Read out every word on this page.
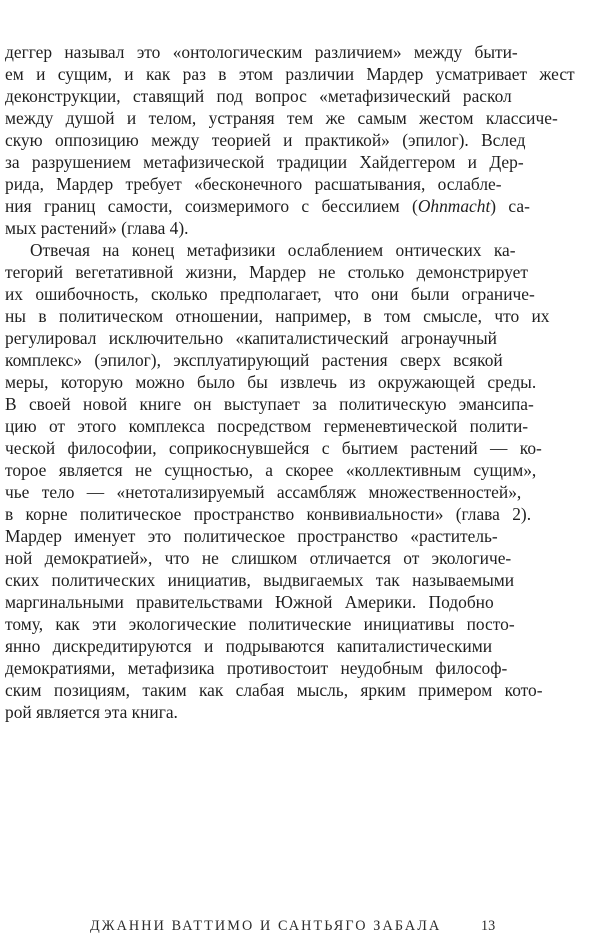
деггер называл это «онтологическим различием» между быти-
ем и сущим, и как раз в этом различии Мардер усматривает жест
деконструкции, ставящий под вопрос «метафизический раскол
между душой и телом, устраняя тем же самым жестом классиче-
скую оппозицию между теорией и практикой» (эпилог). Вслед
за разрушением метафизической традиции Хайдеггером и Дер-
рида, Мардер требует «бесконечного расшатывания, ослабле-
ния границ самости, соизмеримого с бессилием (Ohnmacht) са-
мых растений» (глава 4).
Отвечая на конец метафизики ослаблением онтических ка-
тегорий вегетативной жизни, Мардер не столько демонстрирует
их ошибочность, сколько предполагает, что они были ограниче-
ны в политическом отношении, например, в том смысле, что их
регулировал исключительно «капиталистический агронаучный
комплекс» (эпилог), эксплуатирующий растения сверх всякой
меры, которую можно было бы извлечь из окружающей среды.
В своей новой книге он выступает за политическую эмансипа-
цию от этого комплекса посредством герменевтической полити-
ческой философии, соприкоснувшейся с бытием растений — ко-
торое является не сущностью, а скорее «коллективным сущим»,
чье тело — «нетотализируемый ассамбляж множественностей»,
в корне политическое пространство конвивиальности» (глава 2).
Мардер именует это политическое пространство «раститель-
ной демократией», что не слишком отличается от экологиче-
ских политических инициатив, выдвигаемых так называемыми
маргинальными правительствами Южной Америки. Подобно
тому, как эти экологические политические инициативы посто-
янно дискредитируются и подрываются капиталистическими
демократиями, метафизика противостоит неудобным философ-
ским позициям, таким как слабая мысль, ярким примером кото-
рой является эта книга.
ДЖАННИ ВАТТИМО И САНТЬЯГО ЗАБАЛА	13
